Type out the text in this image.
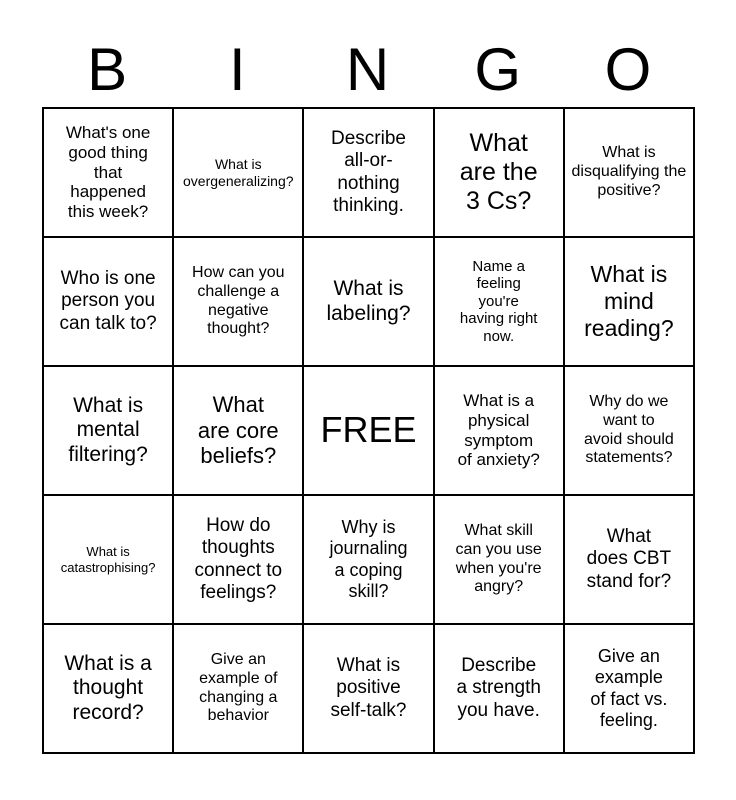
B	I	N	G	O
What's one good thing that happened this week?
What is overgeneralizing?
Describe all-or-nothing thinking.
What are the 3 Cs?
What is disqualifying the positive?
Who is one person you can talk to?
How can you challenge a negative thought?
What is labeling?
Name a feeling you're having right now.
What is mind reading?
What is mental filtering?
What are core beliefs?
FREE
What is a physical symptom of anxiety?
Why do we want to avoid should statements?
What is catastrophising?
How do thoughts connect to feelings?
Why is journaling a coping skill?
What skill can you use when you're angry?
What does CBT stand for?
What is a thought record?
Give an example of changing a behavior
What is positive self-talk?
Describe a strength you have.
Give an example of fact vs. feeling.
